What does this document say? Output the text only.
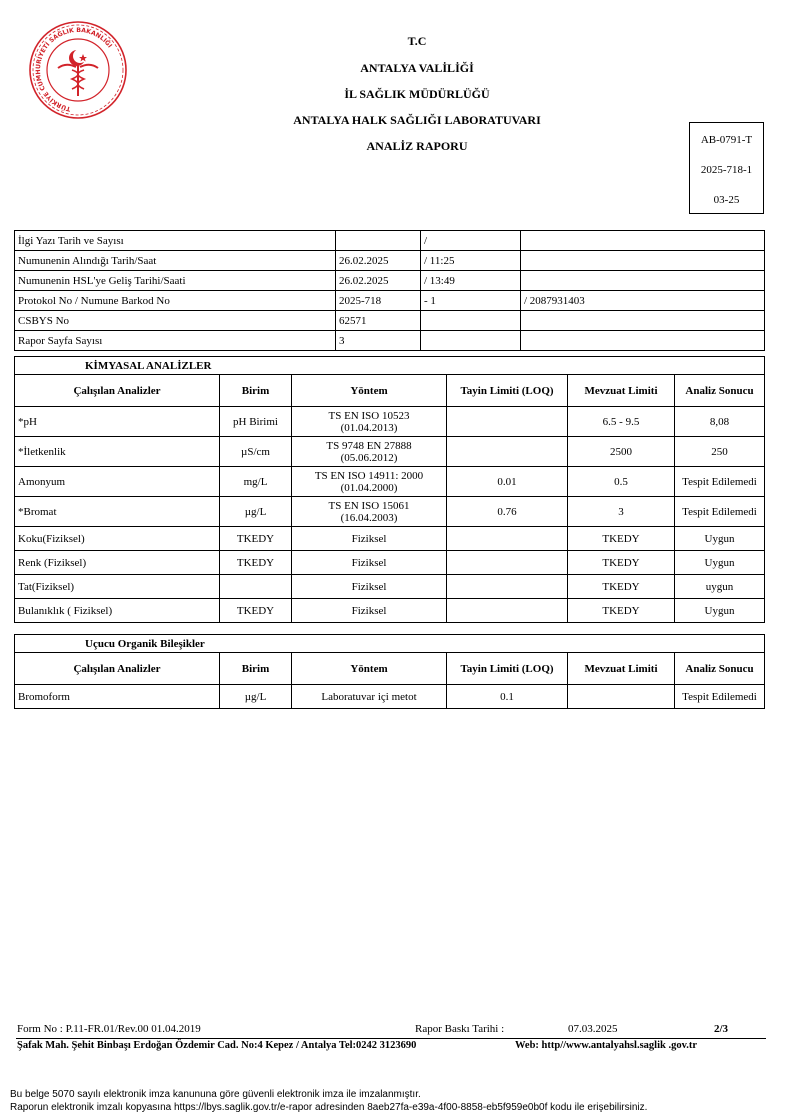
TÜRKİYE CUMHURİYETİ SAĞLIK BAKANLIĞI	T.C
ANTALYA VALİLİĞİ
İL SAĞLIK MÜDÜRLÜĞÜ
ANTALYA HALK SAĞLIĞI LABORATUVARI
ANALİZ RAPORU	AB-0791-T
2025-718-1
03-25
İlgi Yazı Tarih ve Sayısı		/	
Numunenin Alındığı Tarih/Saat	26.02.2025	/ 11:25	
Numunenin HSL'ye Geliş Tarihi/Saati	26.02.2025	/ 13:49	
Protokol No / Numune Barkod No	2025-718	- 1	/ 2087931403
CSBYS No	62571		
Rapor Sayfa Sayısı	3		
KİMYASAL ANALİZLER					
Çalışılan Analizler	Birim	Yöntem	Tayin Limiti (LOQ)	Mevzuat Limiti	Analiz Sonucu
*pH	pH Birimi	TS EN ISO 10523
(01.04.2013)		6.5 - 9.5	8,08
*İletkenlik	µS/cm	TS 9748 EN 27888
(05.06.2012)		2500	250
Amonyum	mg/L	TS EN ISO 14911: 2000
(01.04.2000)	0.01	0.5	Tespit Edilemedi
*Bromat	µg/L	TS EN ISO 15061
(16.04.2003)	0.76	3	Tespit Edilemedi
Koku(Fiziksel)	TKEDY	Fiziksel		TKEDY	Uygun
Renk (Fiziksel)	TKEDY	Fiziksel		TKEDY	Uygun
Tat(Fiziksel)		Fiziksel		TKEDY	uygun
Bulanıklık ( Fiziksel)	TKEDY	Fiziksel		TKEDY	Uygun
Uçucu Organik Bileşikler					
Çalışılan Analizler	Birim	Yöntem	Tayin Limiti (LOQ)	Mevzuat Limiti	Analiz Sonucu
Bromoform	µg/L	Laboratuvar içi metot	0.1		Tespit Edilemedi
Form No : P.11-FR.01/Rev.00 01.04.2019	Rapor Baskı Tarihi :	07.03.2025	2/3
Şafak Mah. Şehit Binbaşı Erdoğan Özdemir Cad. No:4 Kepez / Antalya Tel:0242 3123690	Web: http//www.antalyahsl.saglik .gov.tr
Bu belge 5070 sayılı elektronik imza kanununa göre güvenli elektronik imza ile imzalanmıştır.
Raporun elektronik imzalı kopyasına https://lbys.saglik.gov.tr/e-rapor adresinden 8aeb27fa-e39a-4f00-8858-eb5f959e0b0f kodu ile erişebilirsiniz.
